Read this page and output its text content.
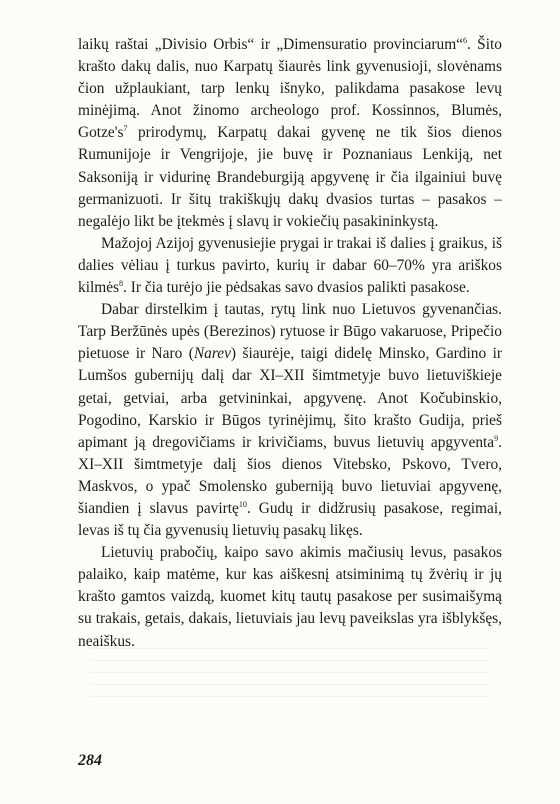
laikų raštai „Divisio Orbis“ ir „Dimensuratio provinciarum“$^6$. Šito krašto dakų dalis, nuo Karpatų šiaurės link gyvenusioji, slovėnams čion užplaukiant, tarp lenkų išnyko, palikdama pasakose levų minėjimą. Anot žinomo archeologo prof. Kossinnos, Blumės, $Gotze's^7$ prirodymų, Karpatų dakai gyvenę ne tik šios dienos Rumunijoje ir Vengrijoje, jie buvę ir Poznaniaus Lenkiją, net Saksoniją ir vidurinę Brandeburgiją apgyvenę ir čia ilgainiui buvę germanizuoti. Ir šitų trakiškųjų dakų dvasios turtas – pasakos – negalėjo likt be įtekmės į slavų ir vokiečių pasakininkystą.

Mažojoj Azijoj gyvenusiejie prygai ir trakai iš dalies į graikus, iš dalies vėliau į turkus pavirto, kurių ir dabar 60–70% yra ariškos kilmės$^8$. Ir čia turėjo jie pėdsakas savo dvasios palikti pasakose.

Dabar dirstelkim į tautas, rytų link nuo Lietuvos gyvenančias. Tarp Beržūnės upės (Berezinos) rytuose ir Būgo vakaruose, Pripečio pietuose ir Naro (Narev) šiaurėje, taigi didelę Minsko, Gardino ir Lumšos gubernijų dalį dar XI–XII šimtmetyje buvo lietuviškieje getai, getviai, arba getvininkai, apgyvenę. Anot Kočubinskio, Pogodino, Karskio ir Būgos tyrinėjimų, šito krašto Gudija, prieš apimant ją dregovičiams ir krivičiams, buvus lietuvių apgyventa$^9$. XI–XII šimtmetyje dalį šios dienos Vitebsko, Pskovo, Tvero, Maskvos, o ypač Smolensko guberniją buvo lietuviai apgyvenę, šiandien į slavus pavirtę$^{10}$. Gudų ir didžrusių pasakose, regimai, levas iš tų čia gyvenusių lietuvių pasakų likęs.

Lietuvių prabočių, kaipo savo akimis mačiusių levus, pasakos palaiko, kaip matėme, kur kas aiškesnį atsiminimą tų žvėrių ir jų krašto gamtos vaizdą, kuomet kitų tautų pasakose per susimaišymą su trakais, getais, dakais, lietuviais jau levų paveikslas yra išblykšęs, neaiškus.

284
